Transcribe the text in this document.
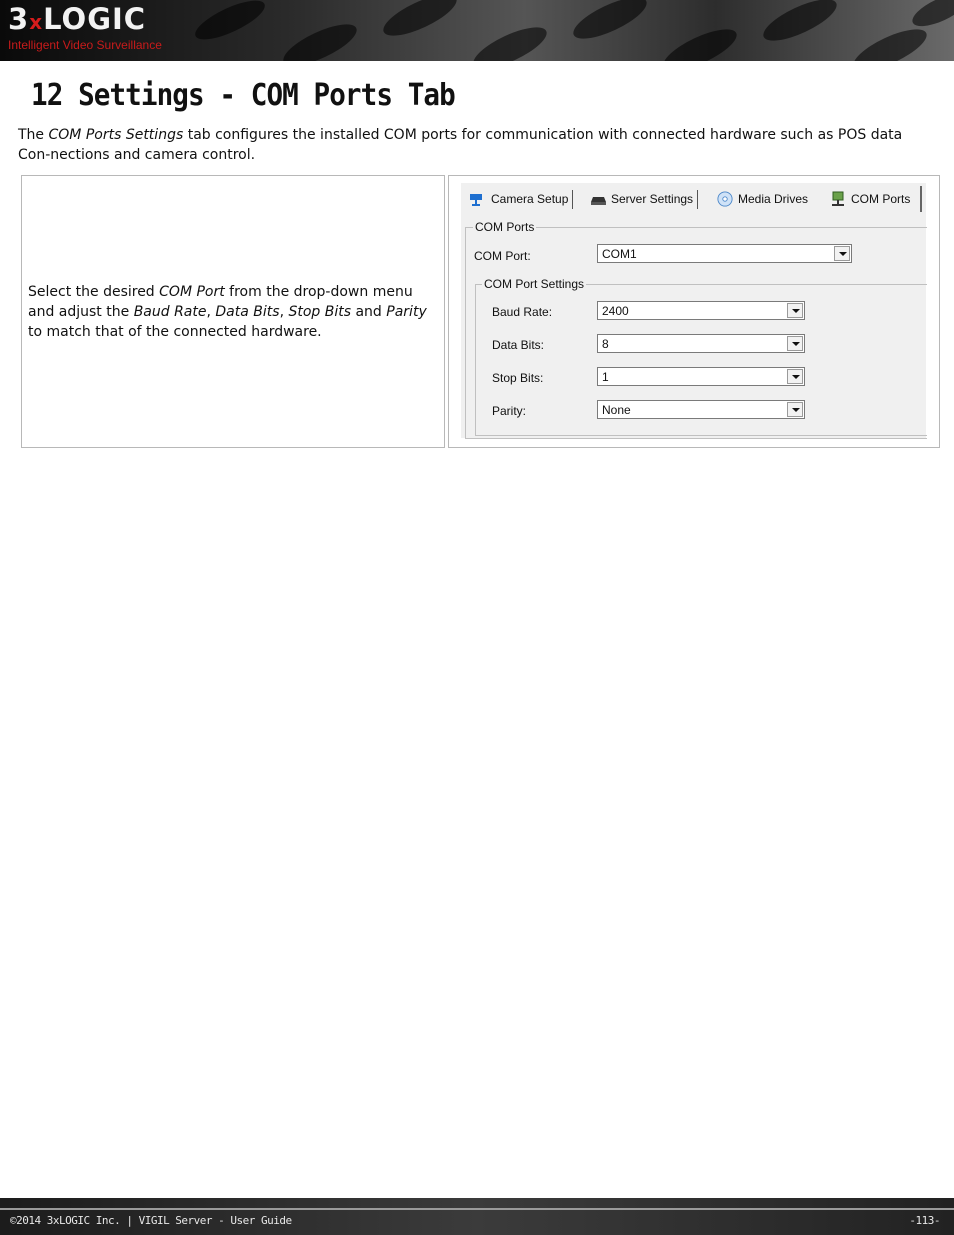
3xLOGIC
Intelligent Video Surveillance
12 Settings - COM Ports Tab
The COM Ports Settings tab configures the installed COM ports for communication with connected hardware such as POS data Con-nections and camera control.
Select the desired COM Port from the drop-down menu and adjust the Baud Rate, Data Bits, Stop Bits and Parity to match that of the connected hardware.
Camera Setup	Server Settings	Media Drives	COM Ports
COM Ports
COM Port:	COM1
COM Port Settings
Baud Rate:	2400
Data Bits:	8
Stop Bits:	1
Parity:	None
©2014 3xLOGIC Inc. | VIGIL Server - User Guide	-113-
